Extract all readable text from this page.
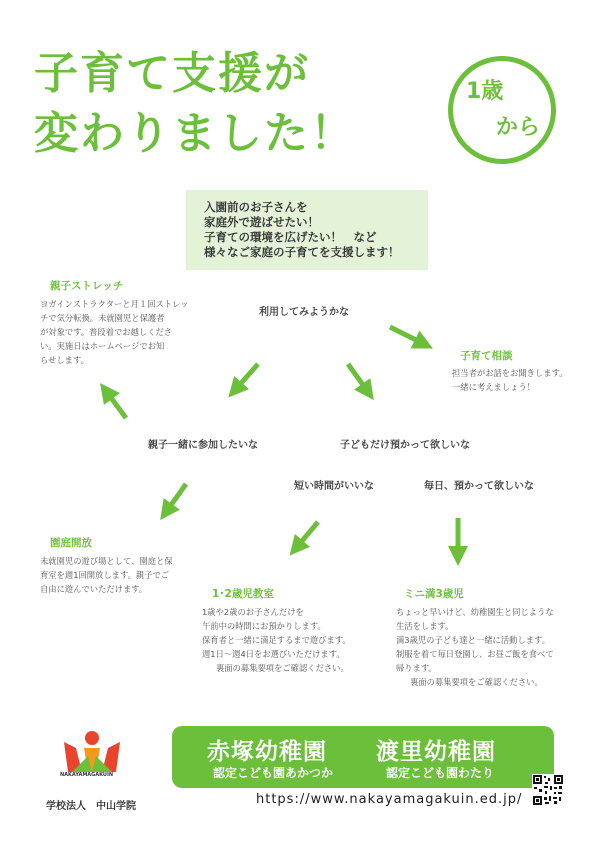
子育て支援が
変わりました！
1歳
から
入園前のお子さんを
家庭外で遊ばせたい！
子育ての環境を広げたい！　など
様々なご家庭の子育てを支援します！
親子ストレッチ
ヨガインストラクターと月１回ストレッ
チで気分転換。未就園児と保護者
が対象です。普段着でお越しくださ
い。実施日はホームページでお知
らせします。
利用してみようかな
親子一緒に参加したいな	子どもだけ預かって欲しいな
短い時間がいいな	毎日、預かって欲しいな
子育て相談
担当者がお話をお聞きします。
一緒に考えましょう！
園庭開放
未就園児の遊び場として、園庭と保
育室を週1回開放します。親子でご
自由に遊んでいただけます。	1･2歳児教室
1歳や2歳のお子さんだけを
午前中の時間にお預かりします。
保育者と一緒に満足するまで遊びます。
週1日～週4日をお選びいただけます。
裏面の募集要項をご確認ください。
ミニ満3歳児
ちょっと早いけど、幼稚園生と同じような
生活をします。
満3歳児の子ども達と一緒に活動します。
制服を着て毎日登園し、お昼ご飯を食べて
帰ります。
裏面の募集要項をご確認ください。
NAKAYAMAGAKUIN
学校法人　中山学院
赤塚幼稚園
認定こども園あかつか
渡里幼稚園
認定こども園わたり
https://www.nakayamagakuin.ed.jp/
